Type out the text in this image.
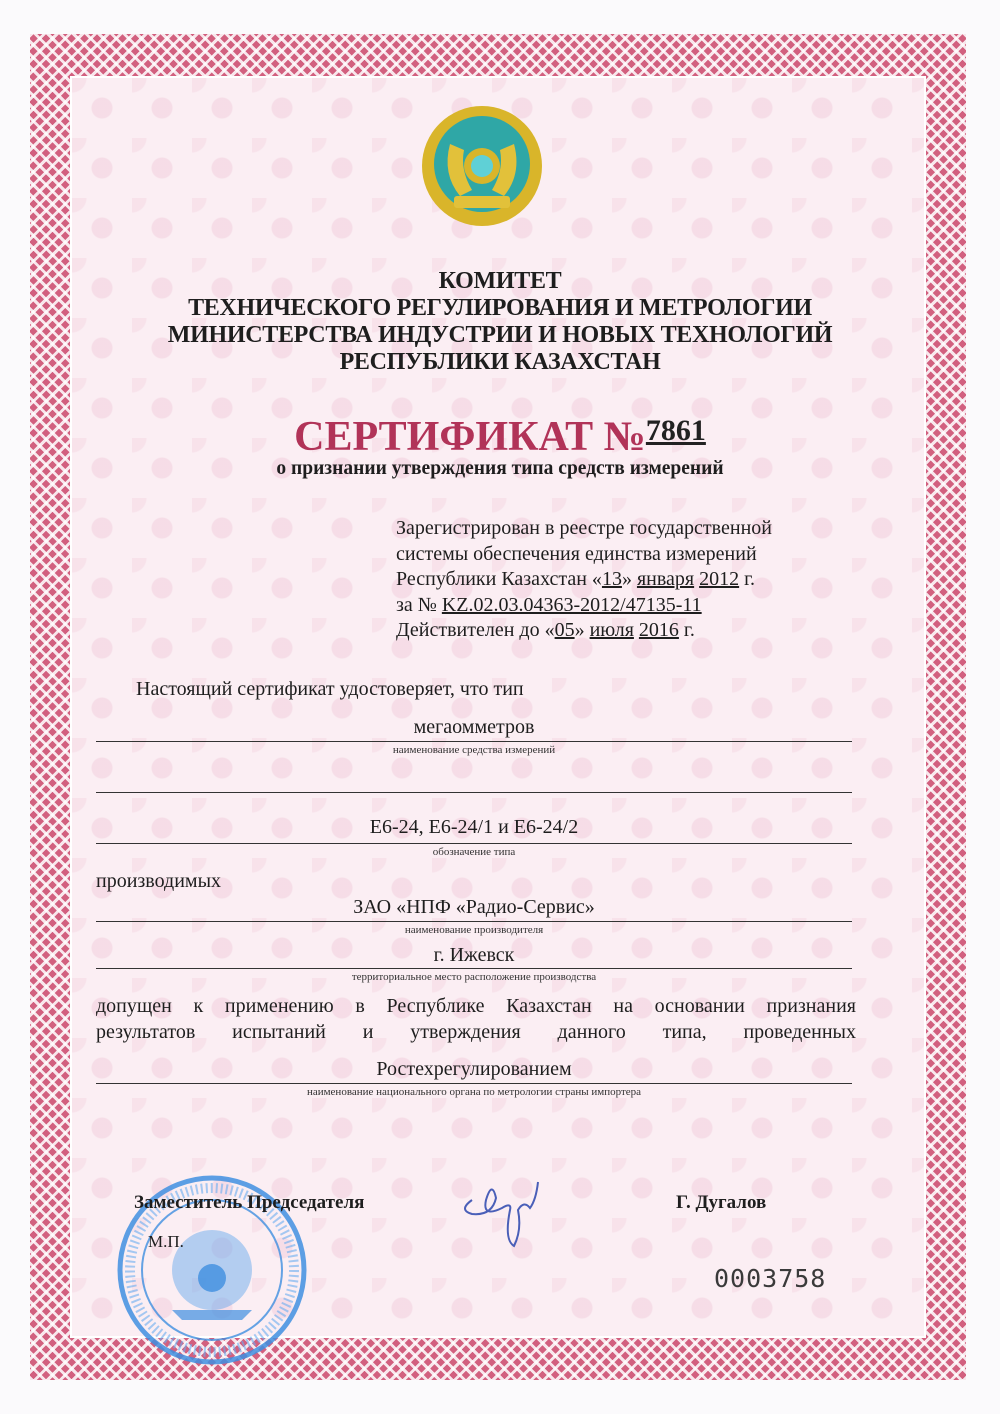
КОМИТЕТ
ТЕХНИЧЕСКОГО РЕГУЛИРОВАНИЯ И МЕТРОЛОГИИ
МИНИСТЕРСТВА ИНДУСТРИИ И НОВЫХ ТЕХНОЛОГИЙ
РЕСПУБЛИКИ КАЗАХСТАН
СЕРТИФИКАТ №$^{7861}$
о признании утверждения типа средств измерений
Зарегистрирован в реестре государственной
системы обеспечения единства измерений
Республики Казахстан «13» января 2012 г.
за № KZ.02.03.04363-2012/47135-11
Действителен до «05» июля 2016 г.
Настоящий сертификат удостоверяет, что тип
мегаомметров
наименование средства измерений
Е6-24, Е6-24/1 и Е6-24/2
обозначение типа
производимых
ЗАО «НПФ «Радио-Сервис»
наименование производителя
г. Ижевск
территориальное место расположение производства
допущен к применению в Республике Казахстан на основании признания
результатов испытаний и утверждения данного типа, проведенных
Ростехрегулированием
наименование национального органа по метрологии страны импортера
Заместитель Председателя
М.П.
Г. Дугалов
0003758
